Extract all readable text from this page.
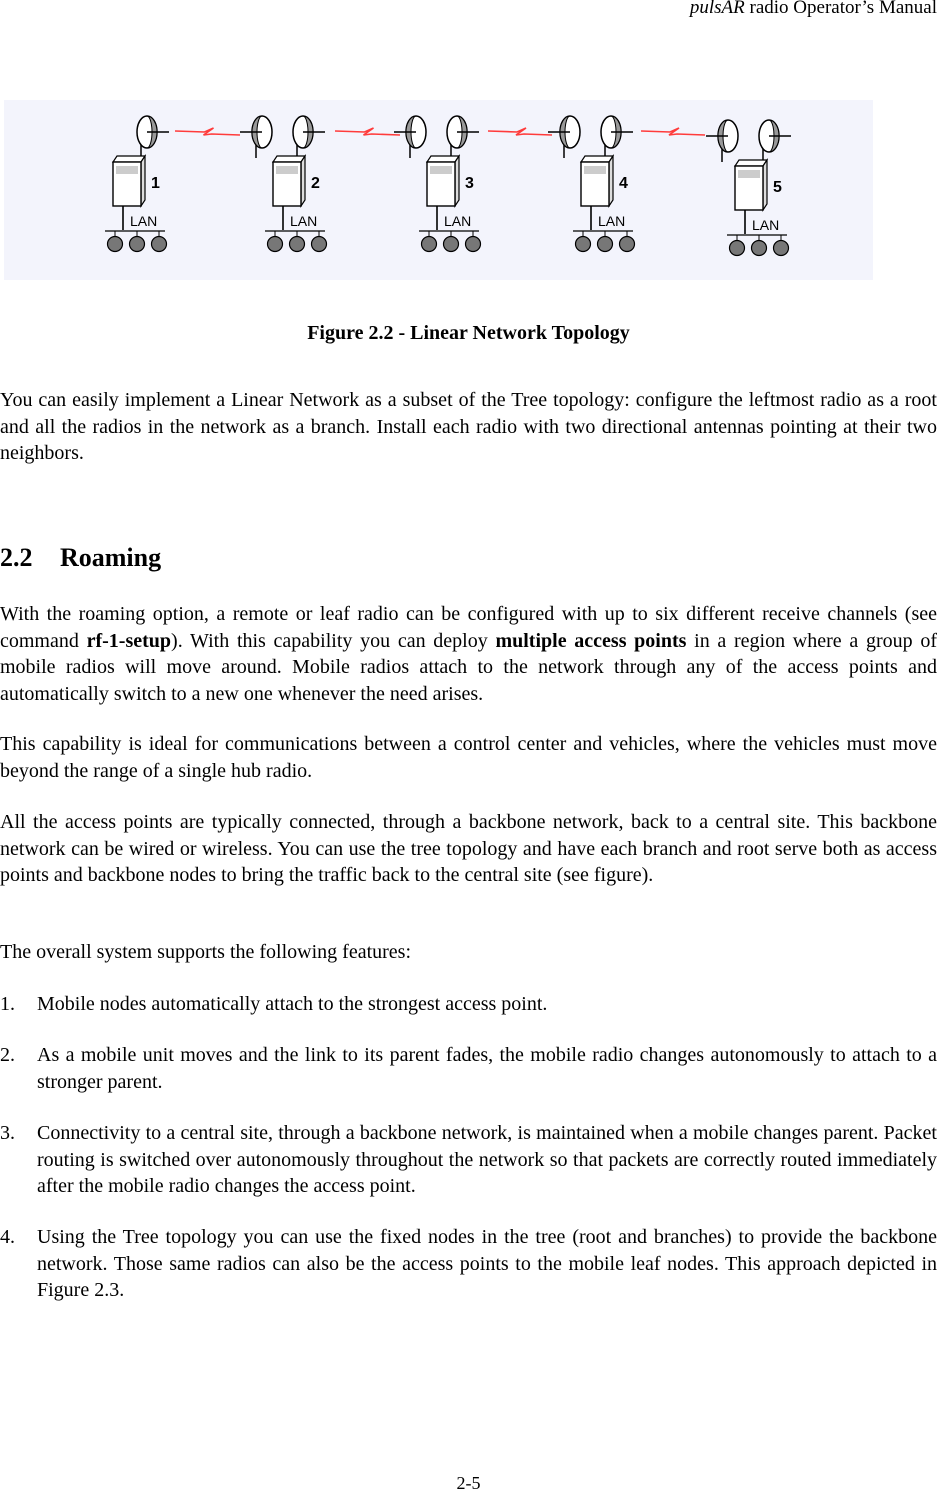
pulsAR radio Operator’s Manual
1
LAN
2
LAN
3
LAN
4
LAN
5
LAN
Figure 2.2 - Linear Network Topology

You can easily implement a Linear Network as a subset of the Tree topology: configure the leftmost radio as a root and all the radios in the network as a branch. Install each radio with two directional antennas pointing at their two neighbors.

2.2 Roaming

With the roaming option, a remote or leaf radio can be configured with up to six different receive channels (see command rf-1-setup). With this capability you can deploy multiple access points in a region where a group of mobile radios will move around. Mobile radios attach to the network through any of the access points and automatically switch to a new one whenever the need arises.

This capability is ideal for communications between a control center and vehicles, where the vehicles must move beyond the range of a single hub radio.

All the access points are typically connected, through a backbone network, back to a central site. This backbone network can be wired or wireless. You can use the tree topology and have each branch and root serve both as access points and backbone nodes to bring the traffic back to the central site (see figure).

The overall system supports the following features:

1. Mobile nodes automatically attach to the strongest access point.
2. As a mobile unit moves and the link to its parent fades, the mobile radio changes autonomously to attach to a stronger parent.
3. Connectivity to a central site, through a backbone network, is maintained when a mobile changes parent. Packet routing is switched over autonomously throughout the network so that packets are correctly routed immediately after the mobile radio changes the access point.
4. Using the Tree topology you can use the fixed nodes in the tree (root and branches) to provide the backbone network. Those same radios can also be the access points to the mobile leaf nodes. This approach depicted in Figure 2.3.
2-5
